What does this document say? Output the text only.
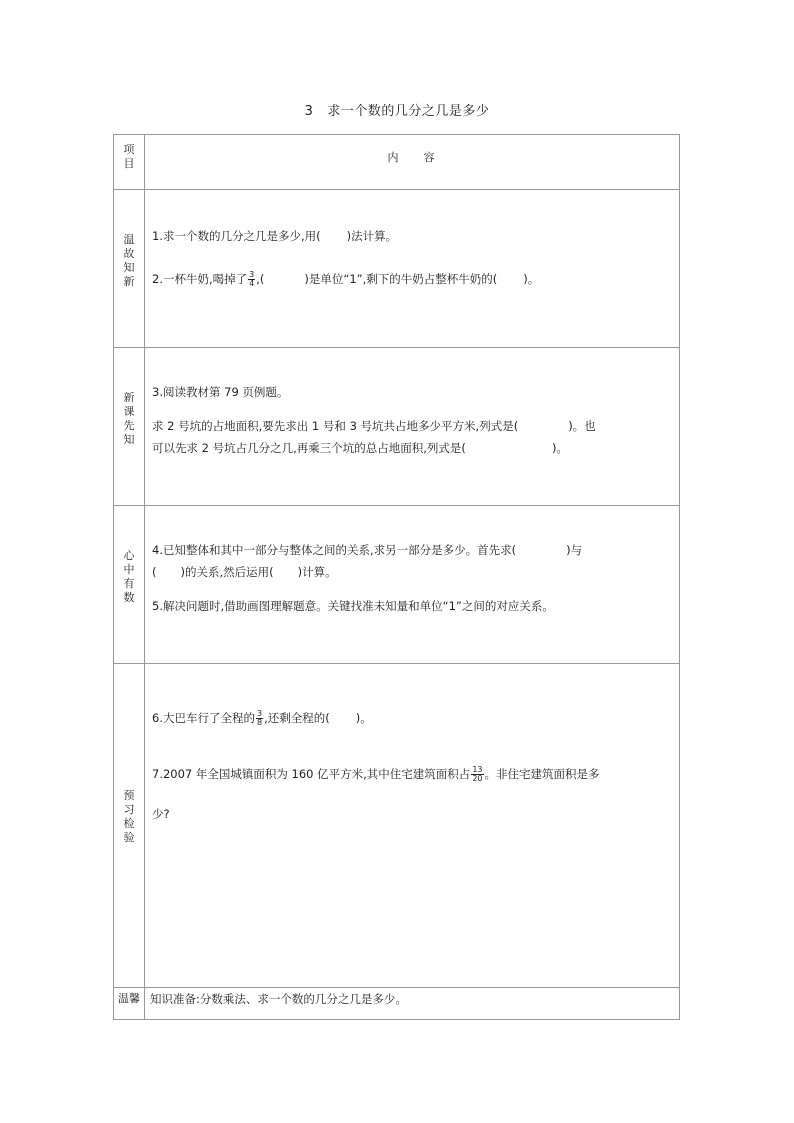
3 求一个数的几分之几是多少
项目	内 容
温故知新
1.求一个数的几分之几是多少,用( )法计算。
2.一杯牛奶,喝掉了 $\frac{3}{4}$ ,(	)是单位“1”,剩下的牛奶占整杯牛奶的( )。
新课先知
3.阅读教材第 79 页例题。
求 2 号坑的占地面积,要先求出 1 号和 3 号坑共占地多少平方米,列式是(	)。也
可以先求 2 号坑占几分之几,再乘三个坑的总占地面积,列式是(	)。
心中有数
4.已知整体和其中一部分与整体之间的关系,求另一部分是多少。首先求(	)与
( )的关系,然后运用( )计算。
5.解决问题时,借助画图理解题意。关键找准未知量和单位“1”之间的对应关系。
预习检验
6.大巴车行了全程的 $\frac{3}{8}$ ,还剩全程的( )。
7.2007 年全国城镇面积为 160 亿平方米,其中住宅建筑面积占 $\frac{13}{20}$ 。非住宅建筑面积是多
少?
温馨 知识准备:分数乘法、求一个数的几分之几是多少。
